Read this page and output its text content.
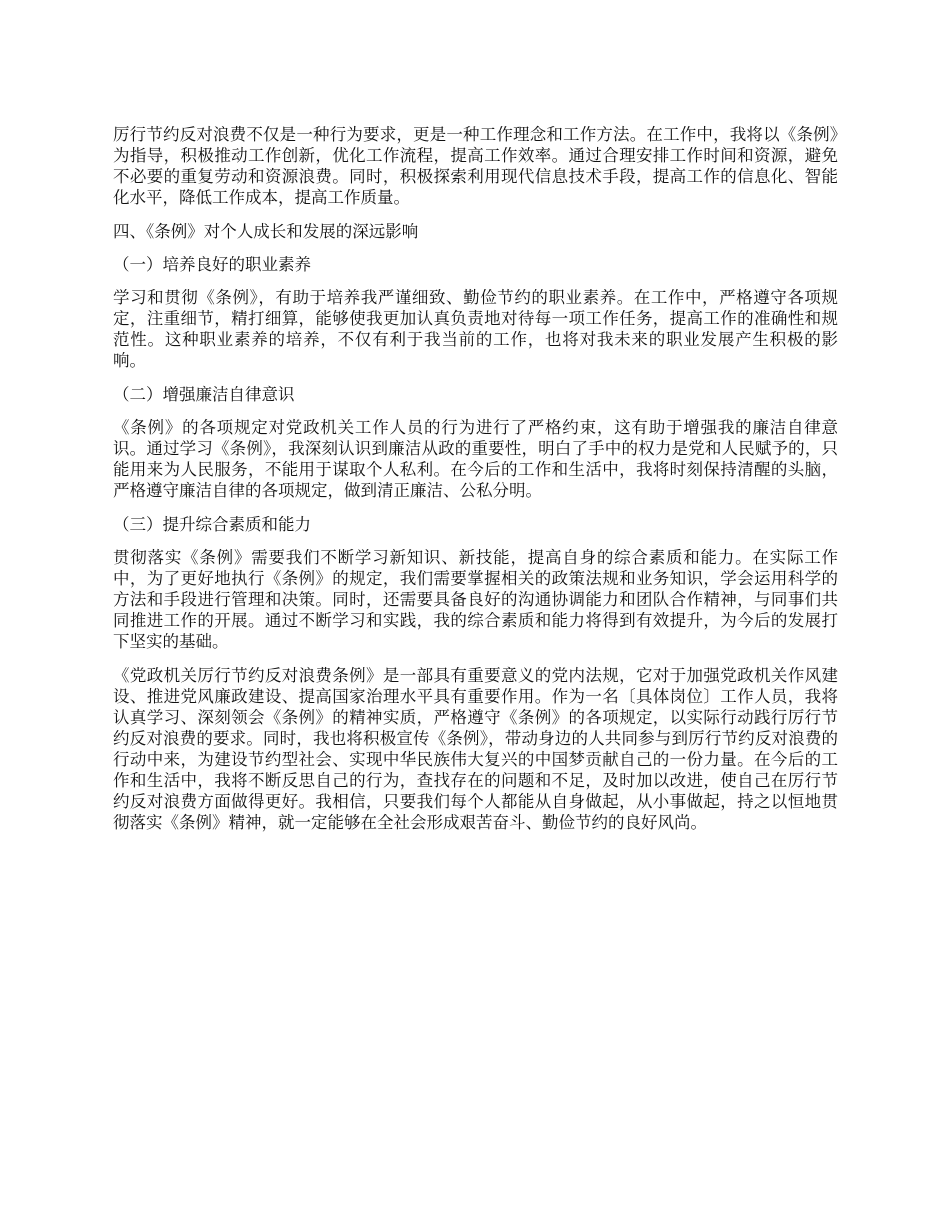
厉行节约反对浪费不仅是一种行为要求，更是一种工作理念和工作方法。在工作中，我将以《条例》为指导，积极推动工作创新，优化工作流程，提高工作效率。通过合理安排工作时间和资源，避免不必要的重复劳动和资源浪费。同时，积极探索利用现代信息技术手段，提高工作的信息化、智能化水平，降低工作成本，提高工作质量。

四、《条例》对个人成长和发展的深远影响

（一）培养良好的职业素养

学习和贯彻《条例》，有助于培养我严谨细致、勤俭节约的职业素养。在工作中，严格遵守各项规定，注重细节，精打细算，能够使我更加认真负责地对待每一项工作任务，提高工作的准确性和规范性。这种职业素养的培养，不仅有利于我当前的工作，也将对我未来的职业发展产生积极的影响。

（二）增强廉洁自律意识

《条例》的各项规定对党政机关工作人员的行为进行了严格约束，这有助于增强我的廉洁自律意识。通过学习《条例》，我深刻认识到廉洁从政的重要性，明白了手中的权力是党和人民赋予的，只能用来为人民服务，不能用于谋取个人私利。在今后的工作和生活中，我将时刻保持清醒的头脑，严格遵守廉洁自律的各项规定，做到清正廉洁、公私分明。

（三）提升综合素质和能力

贯彻落实《条例》需要我们不断学习新知识、新技能，提高自身的综合素质和能力。在实际工作中，为了更好地执行《条例》的规定，我们需要掌握相关的政策法规和业务知识，学会运用科学的方法和手段进行管理和决策。同时，还需要具备良好的沟通协调能力和团队合作精神，与同事们共同推进工作的开展。通过不断学习和实践，我的综合素质和能力将得到有效提升，为今后的发展打下坚实的基础。

《党政机关厉行节约反对浪费条例》是一部具有重要意义的党内法规，它对于加强党政机关作风建设、推进党风廉政建设、提高国家治理水平具有重要作用。作为一名〔具体岗位〕工作人员，我将认真学习、深刻领会《条例》的精神实质，严格遵守《条例》的各项规定，以实际行动践行厉行节约反对浪费的要求。同时，我也将积极宣传《条例》，带动身边的人共同参与到厉行节约反对浪费的行动中来，为建设节约型社会、实现中华民族伟大复兴的中国梦贡献自己的一份力量。在今后的工作和生活中，我将不断反思自己的行为，查找存在的问题和不足，及时加以改进，使自己在厉行节约反对浪费方面做得更好。我相信，只要我们每个人都能从自身做起，从小事做起，持之以恒地贯彻落实《条例》精神，就一定能够在全社会形成艰苦奋斗、勤俭节约的良好风尚。
